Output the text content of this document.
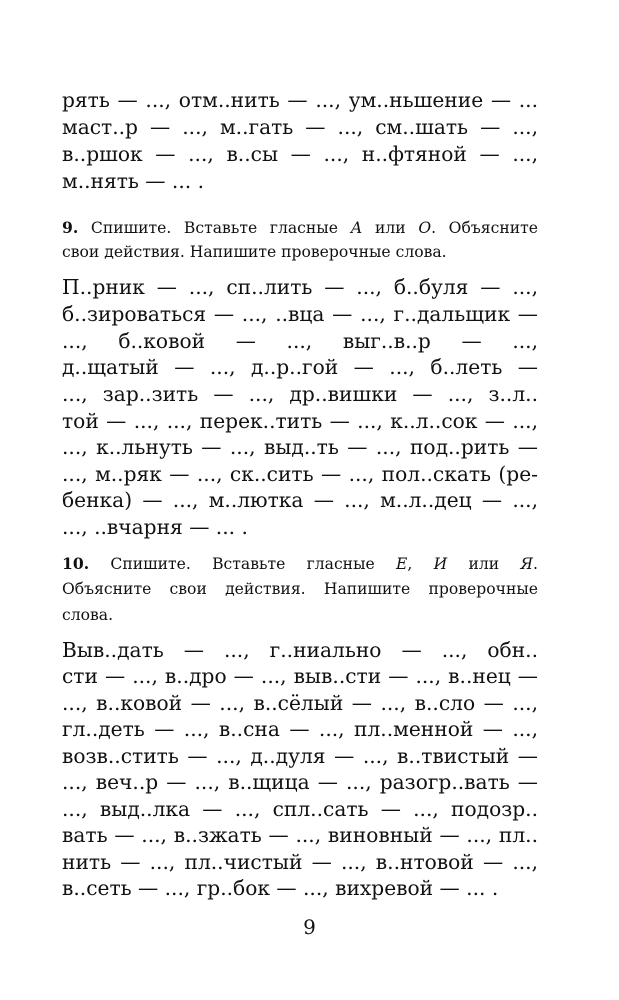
рять — ..., отм..нить — ..., ум..ньшение — ...
маст..р — ..., м..гать — ..., см..шать — ...,
в..ршок — ..., в..сы — ..., н..фтяной — ...,
м..нять — ... .
9. Спишите. Вставьте гласные А или О. Объясните
свои действия. Напишите проверочные слова.
П..рник — ..., сп..лить — ..., б..буля — ...,
б..зироваться — ..., ..вца — ..., г..дальщик —
..., б..ковой — ..., выг..в..р — ...,
д..щатый — ..., д..р..гой — ..., б..леть —
..., зар..зить — ..., др..вишки — ..., з..л..
той — ..., ..., перек..тить — ..., к..л..сок — ...,
..., к..льнуть — ..., выд..ть — ..., под..рить —
..., м..ряк — ..., ск..сить — ..., пол..скать (ре-
бенка) — ..., м..лютка — ..., м..л..дец — ...,
..., ..вчарня — ... .
10. Спишите. Вставьте гласные Е, И или Я.
Объясните свои действия. Напишите проверочные
слова.
Выв..дать — ..., г..ниально — ..., обн..
сти — ..., в..дро — ..., выв..сти — ..., в..нец —
..., в..ковой — ..., в..сёлый — ..., в..сло — ...,
гл..деть — ..., в..сна — ..., пл..менной — ...,
возв..стить — ..., д..дуля — ..., в..твистый —
..., веч..р — ..., в..щица — ..., разогр..вать —
..., выд..лка — ..., спл..сать — ..., подозр..
вать — ..., в..зжать — ..., виновный — ..., пл..
нить — ..., пл..чистый — ..., в..нтовой — ...,
в..сеть — ..., гр..бок — ..., вихревой — ... .
9
